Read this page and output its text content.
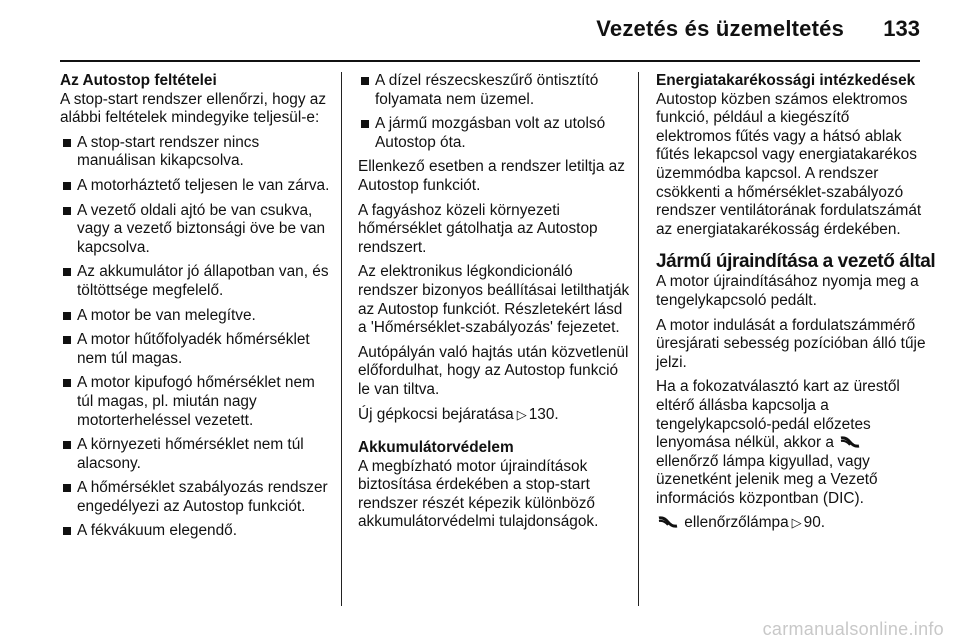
Vezetés és üzemeltetés 133
Az Autostop feltételei

A stop-start rendszer ellenőrzi, hogy az alábbi feltételek mindegyike teljesül-e:

A stop-start rendszer nincs manuálisan kikapcsolva.
A motorháztető teljesen le van zárva.
A vezető oldali ajtó be van csukva, vagy a vezető biztonsági öve be van kapcsolva.
Az akkumulátor jó állapotban van, és töltöttsége megfelelő.
A motor be van melegítve.
A motor hűtőfolyadék hőmérséklet nem túl magas.
A motor kipufogó hőmérséklet nem túl magas, pl. miután nagy motorterheléssel vezetett.
A környezeti hőmérséklet nem túl alacsony.
A hőmérséklet szabályozás rendszer engedélyezi az Autostop funkciót.
A fékvákuum elegendő.
A dízel részecskeszűrő öntisztító folyamata nem üzemel.
A jármű mozgásban volt az utolsó Autostop óta.

Ellenkező esetben a rendszer letiltja az Autostop funkciót.

A fagyáshoz közeli környezeti hőmérséklet gátolhatja az Autostop rendszert.

Az elektronikus légkondicionáló rendszer bizonyos beállításai letilthatják az Autostop funkciót. Részletekért lásd a 'Hőmérséklet-szabályozás' fejezetet.

Autópályán való hajtás után közvetlenül előfordulhat, hogy az Autostop funkció le van tiltva.

Új gépkocsi bejáratása ▷ 130.

Akkumulátorvédelem

A megbízható motor újraindítások biztosítása érdekében a stop-start rendszer részét képezik különböző akkumulátorvédelmi tulajdonságok.

Energiatakarékossági intézkedések

Autostop közben számos elektromos funkció, például a kiegészítő elektromos fűtés vagy a hátsó ablak fűtés lekapcsol vagy energiatakarékos üzemmódba kapcsol. A rendszer csökkenti a hőmérséklet-szabályozó rendszer ventilátorának fordulatszámát az energiatakarékosság érdekében.

Jármű újraindítása a vezető által

A motor újraindításához nyomja meg a tengelykapcsoló pedált.

A motor indulását a fordulatszámmérő üresjárati sebesség pozícióban álló tűje jelzi.

Ha a fokozatválasztó kart az ürestől eltérő állásba kapcsolja a tengelykapcsoló-pedál előzetes lenyomása nélkül, akkor a  ellenőrző lámpa kigyullad, vagy üzenetként jelenik meg a Vezető információs központban (DIC).

ellenőrzőlámpa ▷ 90.

carmanualsonline.info
